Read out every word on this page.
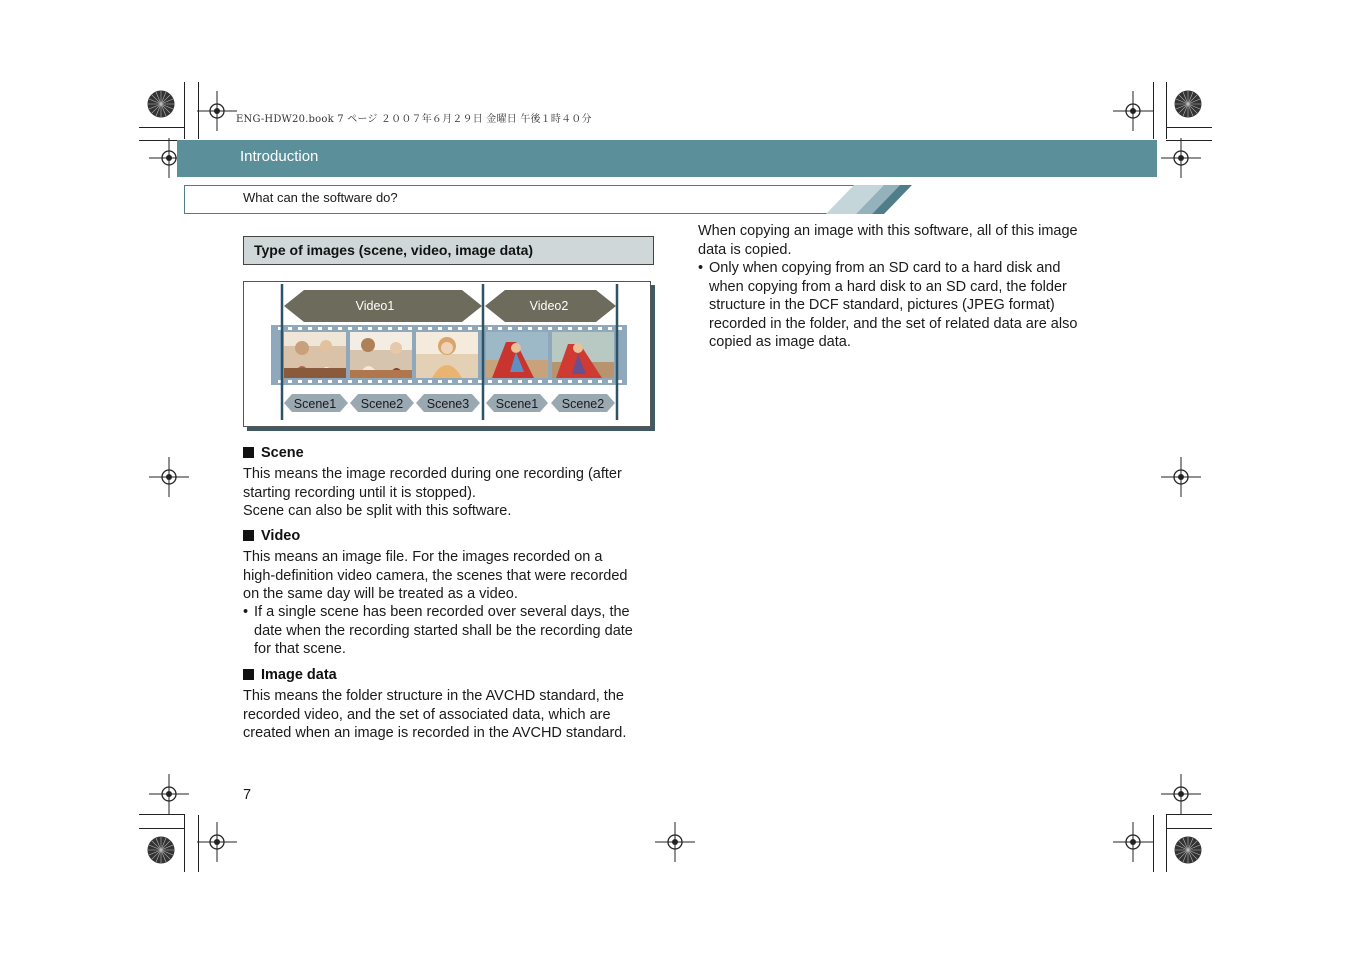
ENG-HDW20.book 7 ページ ２００７年６月２９日 金曜日 午後１時４０分
Introduction
What can the software do?
Type of images (scene, video, image data)
Video1	Video2
Scene1 Scene2 Scene3 Scene1 Scene2
Scene
This means the image recorded during one recording (after
starting recording until it is stopped).
Scene can also be split with this software.
Video
This means an image file. For the images recorded on a
high-definition video camera, the scenes that were recorded
on the same day will be treated as a video.
• If a single scene has been recorded over several days, the
date when the recording started shall be the recording date
for that scene.
Image data
This means the folder structure in the AVCHD standard, the
recorded video, and the set of associated data, which are
created when an image is recorded in the AVCHD standard.
When copying an image with this software, all of this image
data is copied.
• Only when copying from an SD card to a hard disk and
when copying from a hard disk to an SD card, the folder
structure in the DCF standard, pictures (JPEG format)
recorded in the folder, and the set of related data are also
copied as image data.
7
